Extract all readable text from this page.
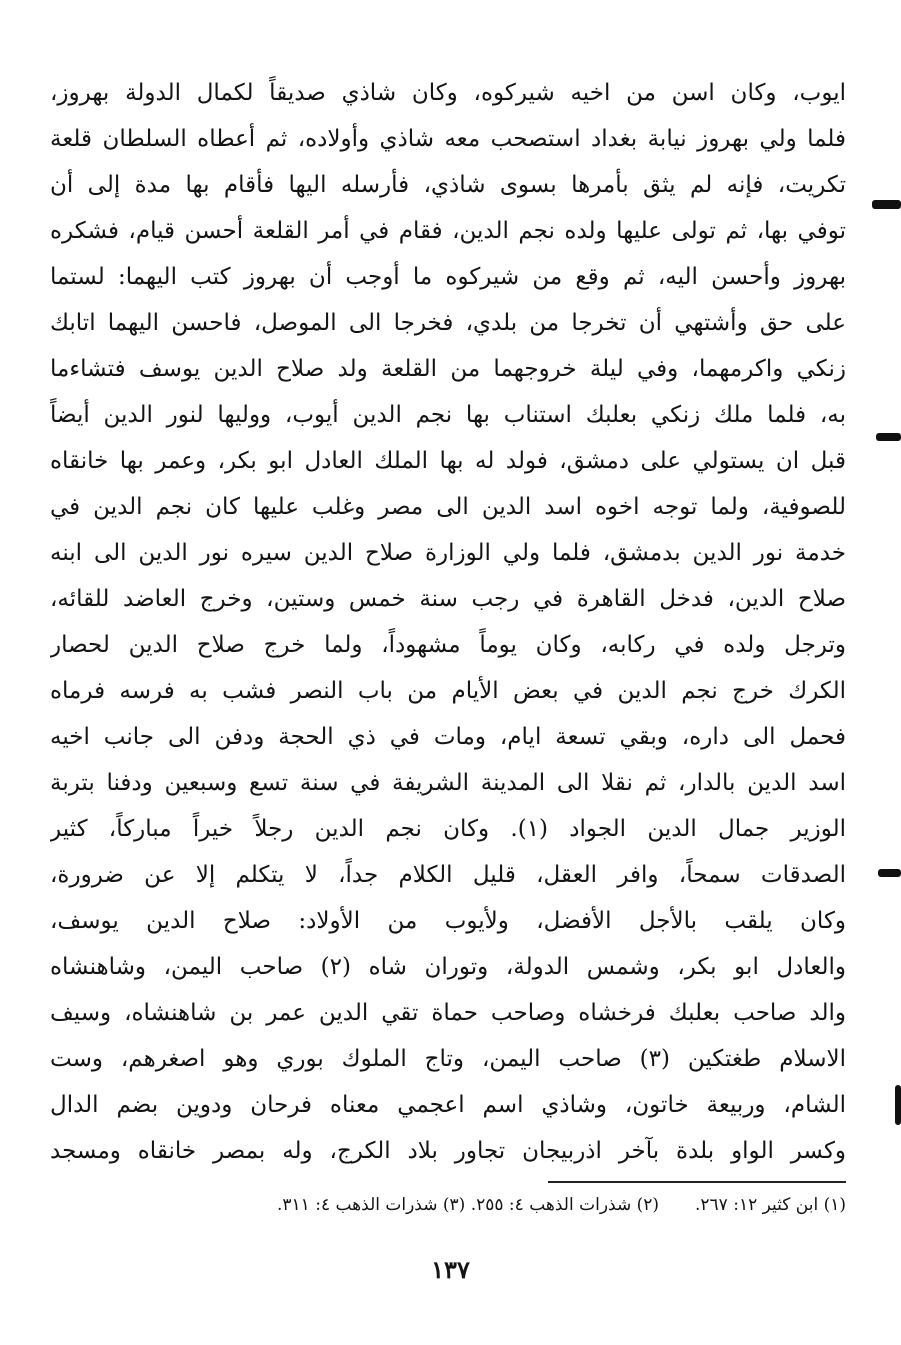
ايوب، وكان اسن من اخيه شيركوه، وكان شاذي صديقاً لكمال الدولة بهروز،
فلما ولي بهروز نيابة بغداد استصحب معه شاذي وأولاده، ثم أعطاه السلطان قلعة
تكريت، فإنه لم يثق بأمرها بسوى شاذي، فأرسله اليها فأقام بها مدة إلى أن
توفي بها، ثم تولى عليها ولده نجم الدين، فقام في أمر القلعة أحسن قيام، فشكره
بهروز وأحسن اليه، ثم وقع من شيركوه ما أوجب أن بهروز كتب اليهما: لستما
على حق وأشتهي أن تخرجا من بلدي، فخرجا الى الموصل، فاحسن اليهما اتابك
زنكي واكرمهما، وفي ليلة خروجهما من القلعة ولد صلاح الدين يوسف فتشاءما
به، فلما ملك زنكي بعلبك استناب بها نجم الدين أيوب، ووليها لنور الدين أيضاً
قبل ان يستولي على دمشق، فولد له بها الملك العادل ابو بكر، وعمر بها خانقاه
للصوفية، ولما توجه اخوه اسد الدين الى مصر وغلب عليها كان نجم الدين في
خدمة نور الدين بدمشق، فلما ولي الوزارة صلاح الدين سيره نور الدين الى ابنه
صلاح الدين، فدخل القاهرة في رجب سنة خمس وستين، وخرج العاضد للقائه،
وترجل ولده في ركابه، وكان يوماً مشهوداً، ولما خرج صلاح الدين لحصار
الكرك خرج نجم الدين في بعض الأيام من باب النصر فشب به فرسه فرماه
فحمل الى داره، وبقي تسعة ايام، ومات في ذي الحجة ودفن الى جانب اخيه
اسد الدين بالدار، ثم نقلا الى المدينة الشريفة في سنة تسع وسبعين ودفنا بتربة
الوزير جمال الدين الجواد (١). وكان نجم الدين رجلاً خيراً مباركاً، كثير
الصدقات سمحاً، وافر العقل، قليل الكلام جداً، لا يتكلم إلا عن ضرورة،
وكان يلقب بالأجل الأفضل، ولأيوب من الأولاد: صلاح الدين يوسف،
والعادل ابو بكر، وشمس الدولة، وتوران شاه (٢) صاحب اليمن، وشاهنشاه
والد صاحب بعلبك فرخشاه وصاحب حماة تقي الدين عمر بن شاهنشاه، وسيف
الاسلام طغتكين (٣) صاحب اليمن، وتاج الملوك بوري وهو اصغرهم، وست
الشام، وربيعة خاتون، وشاذي اسم اعجمي معناه فرحان ودوين بضم الدال
وكسر الواو بلدة بآخر اذربيجان تجاور بلاد الكرج، وله بمصر خانقاه ومسجد
(١) ابن كثير ١٢: ٢٦٧.(٢) شذرات الذهب ٤: ٢٥٥. (٣) شذرات الذهب ٤: ٣١١.
١٣٧
